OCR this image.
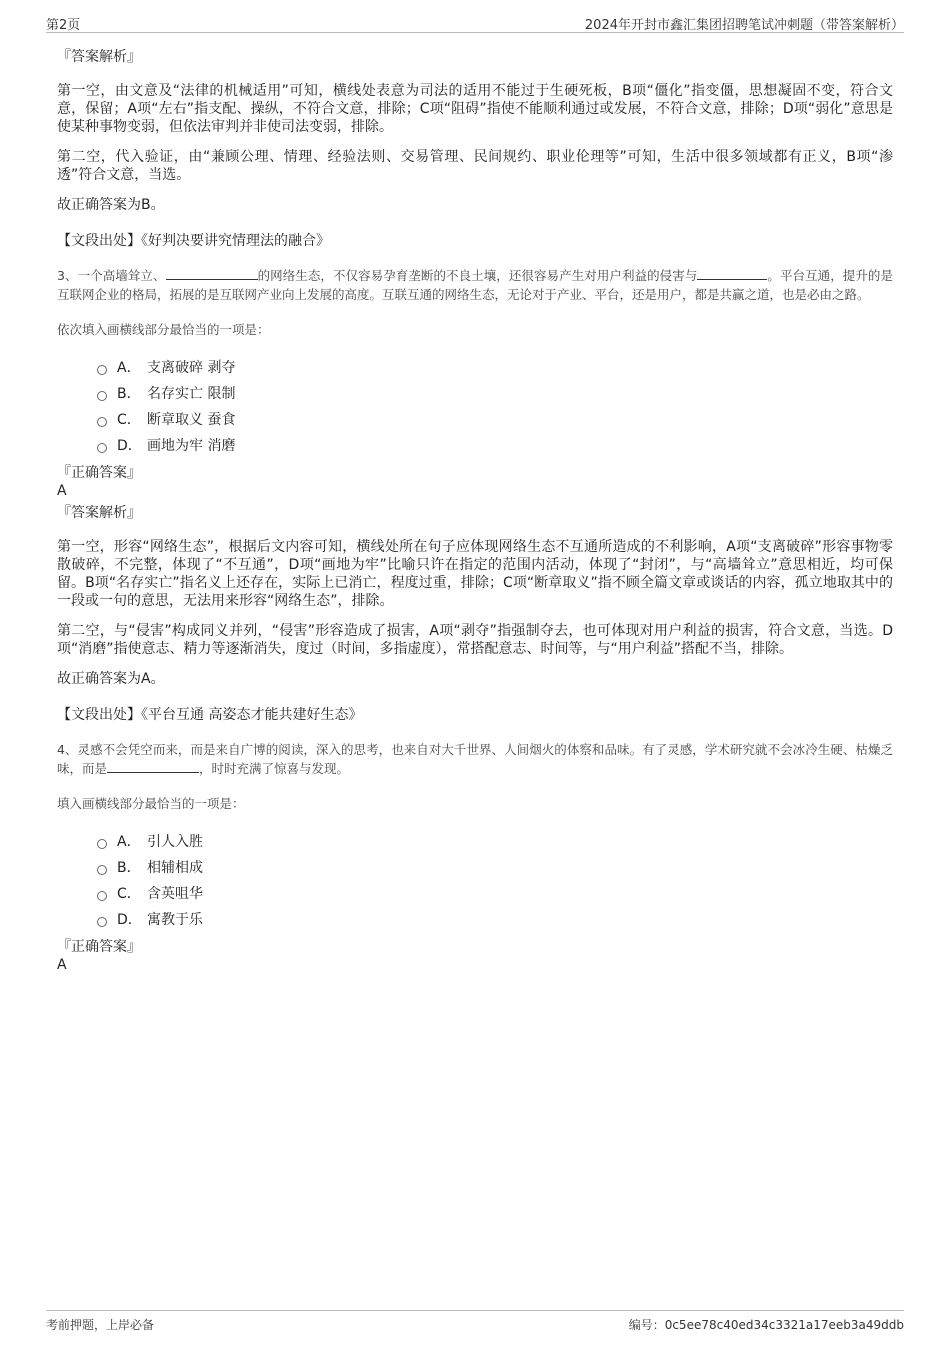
第2页	2024年开封市鑫汇集团招聘笔试冲刺题（带答案解析）

『答案解析』

第一空，由文意及“法律的机械适用”可知，横线处表意为司法的适用不能过于生硬死板，B项“僵化”指变僵，思想凝固不变，符合文意，保留；A项“左右”指支配、操纵，不符合文意，排除；C项“阻碍”指使不能顺利通过或发展，不符合文意，排除；D项“弱化”意思是使某种事物变弱，但依法审判并非使司法变弱，排除。

第二空，代入验证，由“兼顾公理、情理、经验法则、交易管理、民间规约、职业伦理等”可知，生活中很多领域都有正义，B项“渗透”符合文意，当选。

故正确答案为B。

【文段出处】《好判决要讲究情理法的融合》

3、一个高墙耸立、	的网络生态，不仅容易孕育垄断的不良土壤，还很容易产生对用户利益的侵害与	。平台互通，提升的是互联网企业的格局，拓展的是互联网产业向上发展的高度。互联互通的网络生态，无论对于产业、平台，还是用户，都是共赢之道，也是必由之路。

依次填入画横线部分最恰当的一项是：

A． 支离破碎 剥夺
B． 名存实亡 限制
C． 断章取义 蚕食
D． 画地为牢 消磨

『正确答案』

A

『答案解析』

第一空，形容“网络生态”，根据后文内容可知，横线处所在句子应体现网络生态不互通所造成的不利影响，A项“支离破碎”形容事物零散破碎，不完整，体现了“不互通”，D项“画地为牢”比喻只许在指定的范围内活动，体现了“封闭”，与“高墙耸立”意思相近，均可保留。B项“名存实亡”指名义上还存在，实际上已消亡，程度过重，排除；C项“断章取义”指不顾全篇文章或谈话的内容，孤立地取其中的一段或一句的意思，无法用来形容“网络生态”，排除。

第二空，与“侵害”构成同义并列，“侵害”形容造成了损害，A项“剥夺”指强制夺去，也可体现对用户利益的损害，符合文意，当选。D项“消磨”指使意志、精力等逐渐消失，度过（时间，多指虚度），常搭配意志、时间等，与“用户利益”搭配不当，排除。

故正确答案为A。

【文段出处】《平台互通 高姿态才能共建好生态》

4、灵感不会凭空而来，而是来自广博的阅读，深入的思考，也来自对大千世界、人间烟火的体察和品味。有了灵感，学术研究就不会冰冷生硬、枯燥乏味，而是	，时时充满了惊喜与发现。

填入画横线部分最恰当的一项是：

A． 引人入胜
B． 相辅相成
C． 含英咀华
D． 寓教于乐

『正确答案』

A

考前押题，上岸必备	编号：0c5ee78c40ed34c3321a17eeb3a49ddb
